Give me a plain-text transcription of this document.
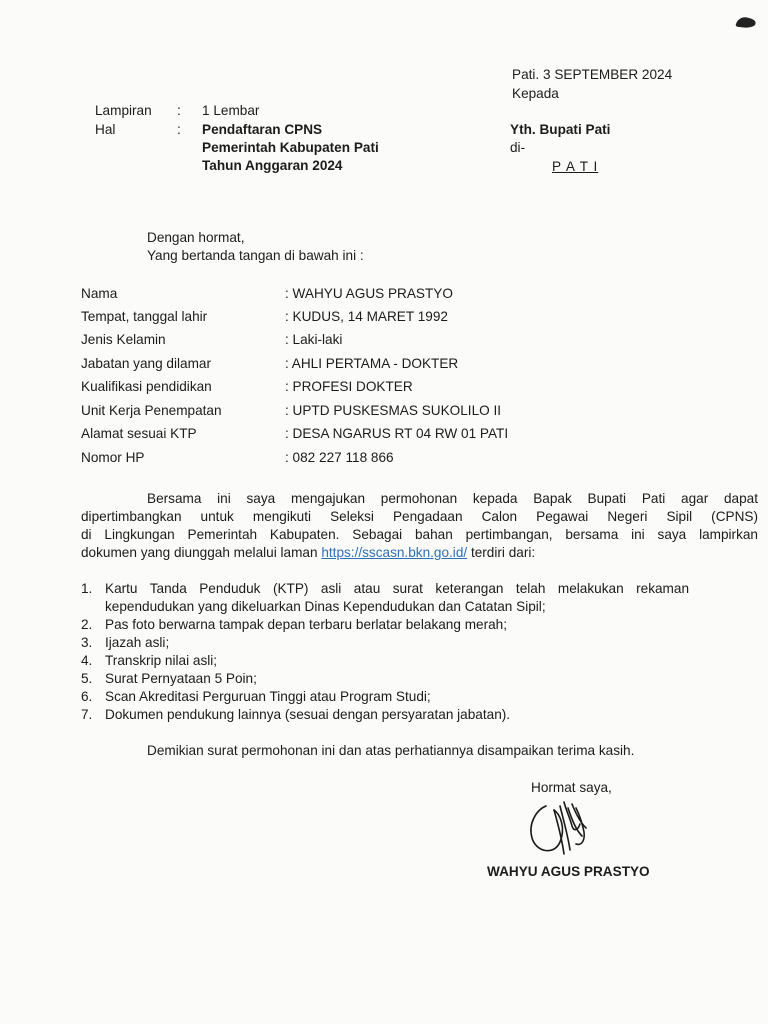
Pati. 3 SEPTEMBER 2024
Kepada
Lampiran : 1 Lembar
Hal	: Pendaftaran CPNS
Pemerintah Kabupaten Pati
Tahun Anggaran 2024
Yth. Bupati Pati
di-
P A T I
Dengan hormat,
Yang bertanda tangan di bawah ini :
Nama	: WAHYU AGUS PRASTYO
Tempat, tanggal lahir	: KUDUS, 14 MARET 1992
Jenis Kelamin	: Laki-laki
Jabatan yang dilamar	: AHLI PERTAMA - DOKTER
Kualifikasi pendidikan	: PROFESI DOKTER
Unit Kerja Penempatan	: UPTD PUSKESMAS SUKOLILO II
Alamat sesuai KTP	: DESA NGARUS RT 04 RW 01 PATI
Nomor HP	: 082 227 118 866
Bersama ini saya mengajukan permohonan kepada Bapak Bupati Pati agar dapat
dipertimbangkan untuk mengikuti Seleksi Pengadaan Calon Pegawai Negeri Sipil (CPNS)
di Lingkungan Pemerintah Kabupaten. Sebagai bahan pertimbangan, bersama ini saya lampirkan
dokumen yang diunggah melalui laman https://sscasn.bkn.go.id/ terdiri dari:
1. Kartu Tanda Penduduk (KTP) asli atau surat keterangan telah melakukan rekaman
kependudukan yang dikeluarkan Dinas Kependudukan dan Catatan Sipil;
2. Pas foto berwarna tampak depan terbaru berlatar belakang merah;
3. Ijazah asli;
4. Transkrip nilai asli;
5. Surat Pernyataan 5 Poin;
6. Scan Akreditasi Perguruan Tinggi atau Program Studi;
7. Dokumen pendukung lainnya (sesuai dengan persyaratan jabatan).
Demikian surat permohonan ini dan atas perhatiannya disampaikan terima kasih.
Hormat saya,
WAHYU AGUS PRASTYO
